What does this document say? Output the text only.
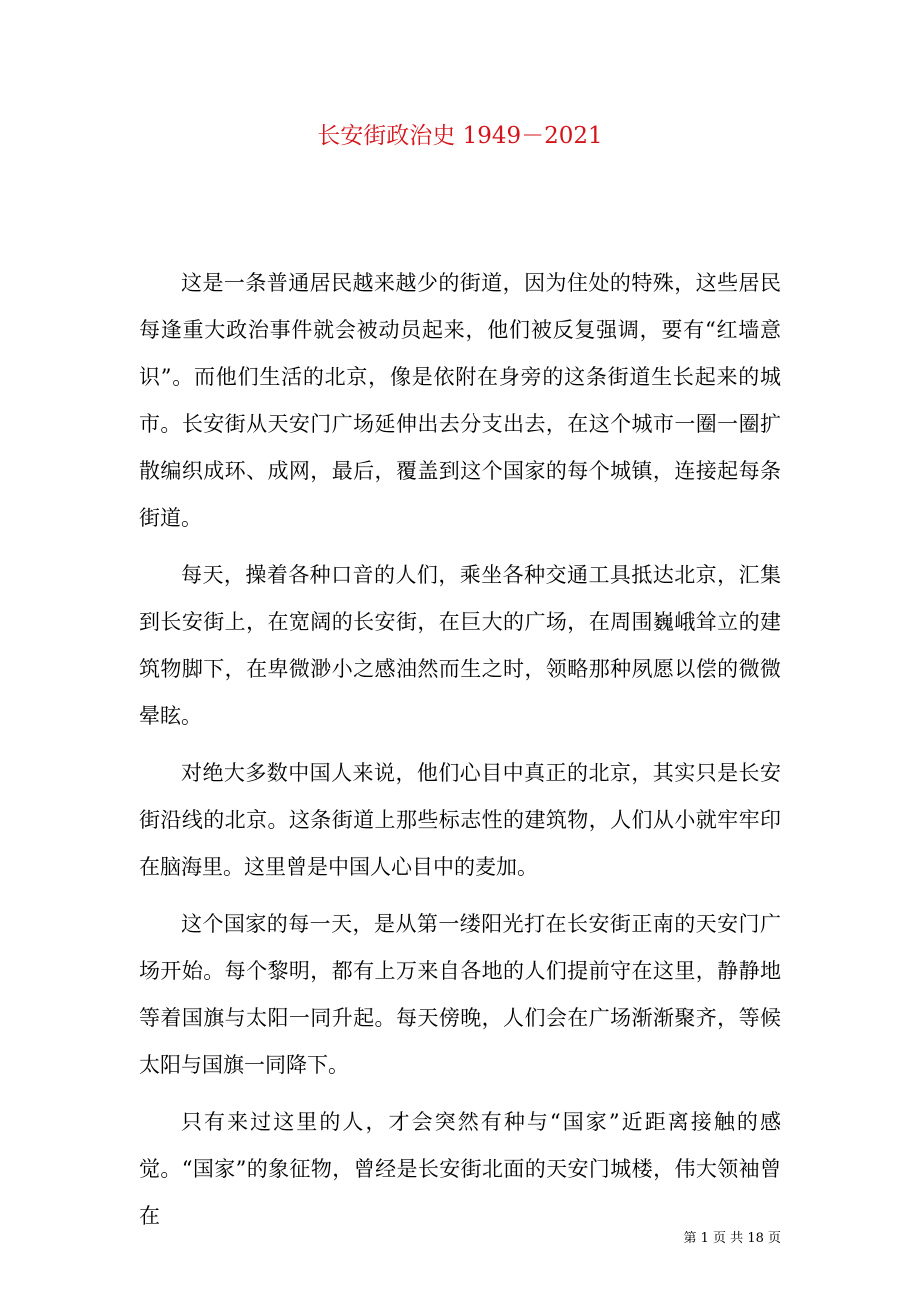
长安街政治史 1949－2021

这是一条普通居民越来越少的街道，因为住处的特殊，这些居民每逢重大政治事件就会被动员起来，他们被反复强调，要有“红墙意识”。而他们生活的北京，像是依附在身旁的这条街道生长起来的城市。长安街从天安门广场延伸出去分支出去，在这个城市一圈一圈扩散编织成环、成网，最后，覆盖到这个国家的每个城镇，连接起每条街道。

每天，操着各种口音的人们，乘坐各种交通工具抵达北京，汇集到长安街上，在宽阔的长安街，在巨大的广场，在周围巍峨耸立的建筑物脚下，在卑微渺小之感油然而生之时，领略那种夙愿以偿的微微晕眩。

对绝大多数中国人来说，他们心目中真正的北京，其实只是长安街沿线的北京。这条街道上那些标志性的建筑物，人们从小就牢牢印在脑海里。这里曾是中国人心目中的麦加。

这个国家的每一天，是从第一缕阳光打在长安街正南的天安门广场开始。每个黎明，都有上万来自各地的人们提前守在这里，静静地等着国旗与太阳一同升起。每天傍晚，人们会在广场渐渐聚齐，等候太阳与国旗一同降下。

只有来过这里的人，才会突然有种与“国家”近距离接触的感觉。“国家”的象征物，曾经是长安街北面的天安门城楼，伟大领袖曾在

第 1 页 共 18 页
